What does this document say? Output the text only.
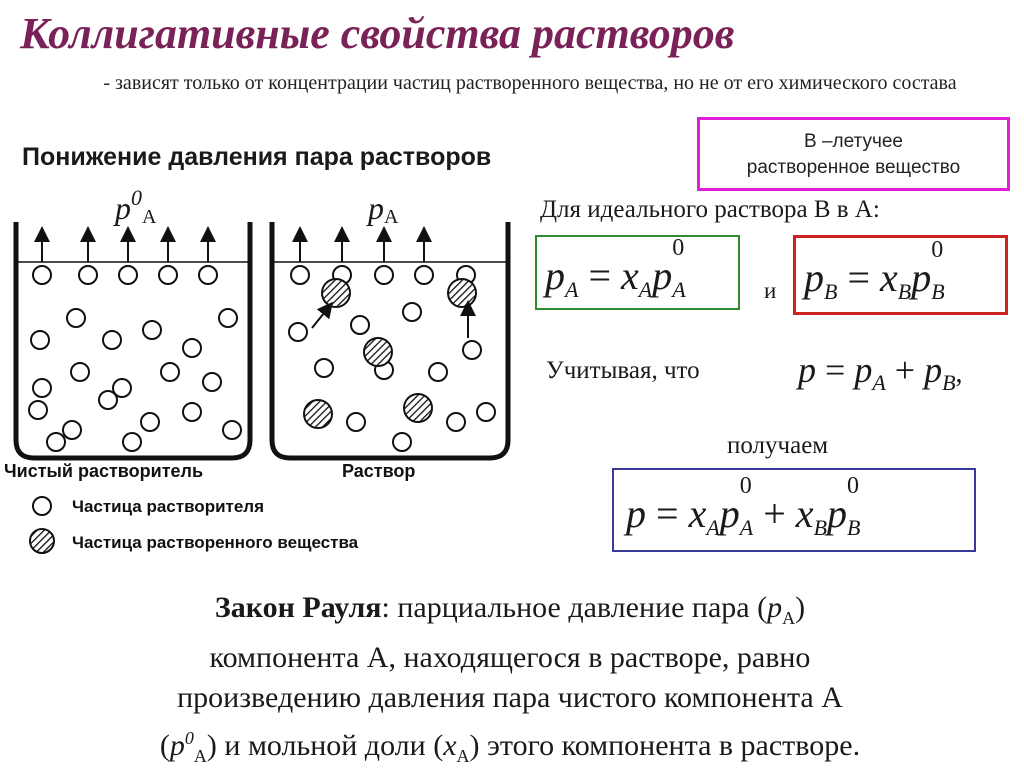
Коллигативные свойства растворов
- зависят только от концентрации частиц растворенного вещества, но не от его химического состава
Понижение давления пара растворов
В –летучее
растворенное вещество
$p^0A$	pA
Чистый растворитель	Раствор
Частица растворителя
Частица растворенного вещества
Для идеального раствора В в А:
$p_A = x_Ap$
0
$_A$	и $p_B = x_Bp$
0
$_B$
Учитывая, что	$p = p_A + p_B$,
получаем
$p = x_Ap$
0
$_A + x_Bp$
0
$_B$
Закон Рауля: парциальное давление пара $(p_A)$
компонента А, находящегося в растворе, равно
произведению давления пара чистого компонента А
$(p^0_A)$ и мольной доли $(x_A)$ этого компонента в растворе.
